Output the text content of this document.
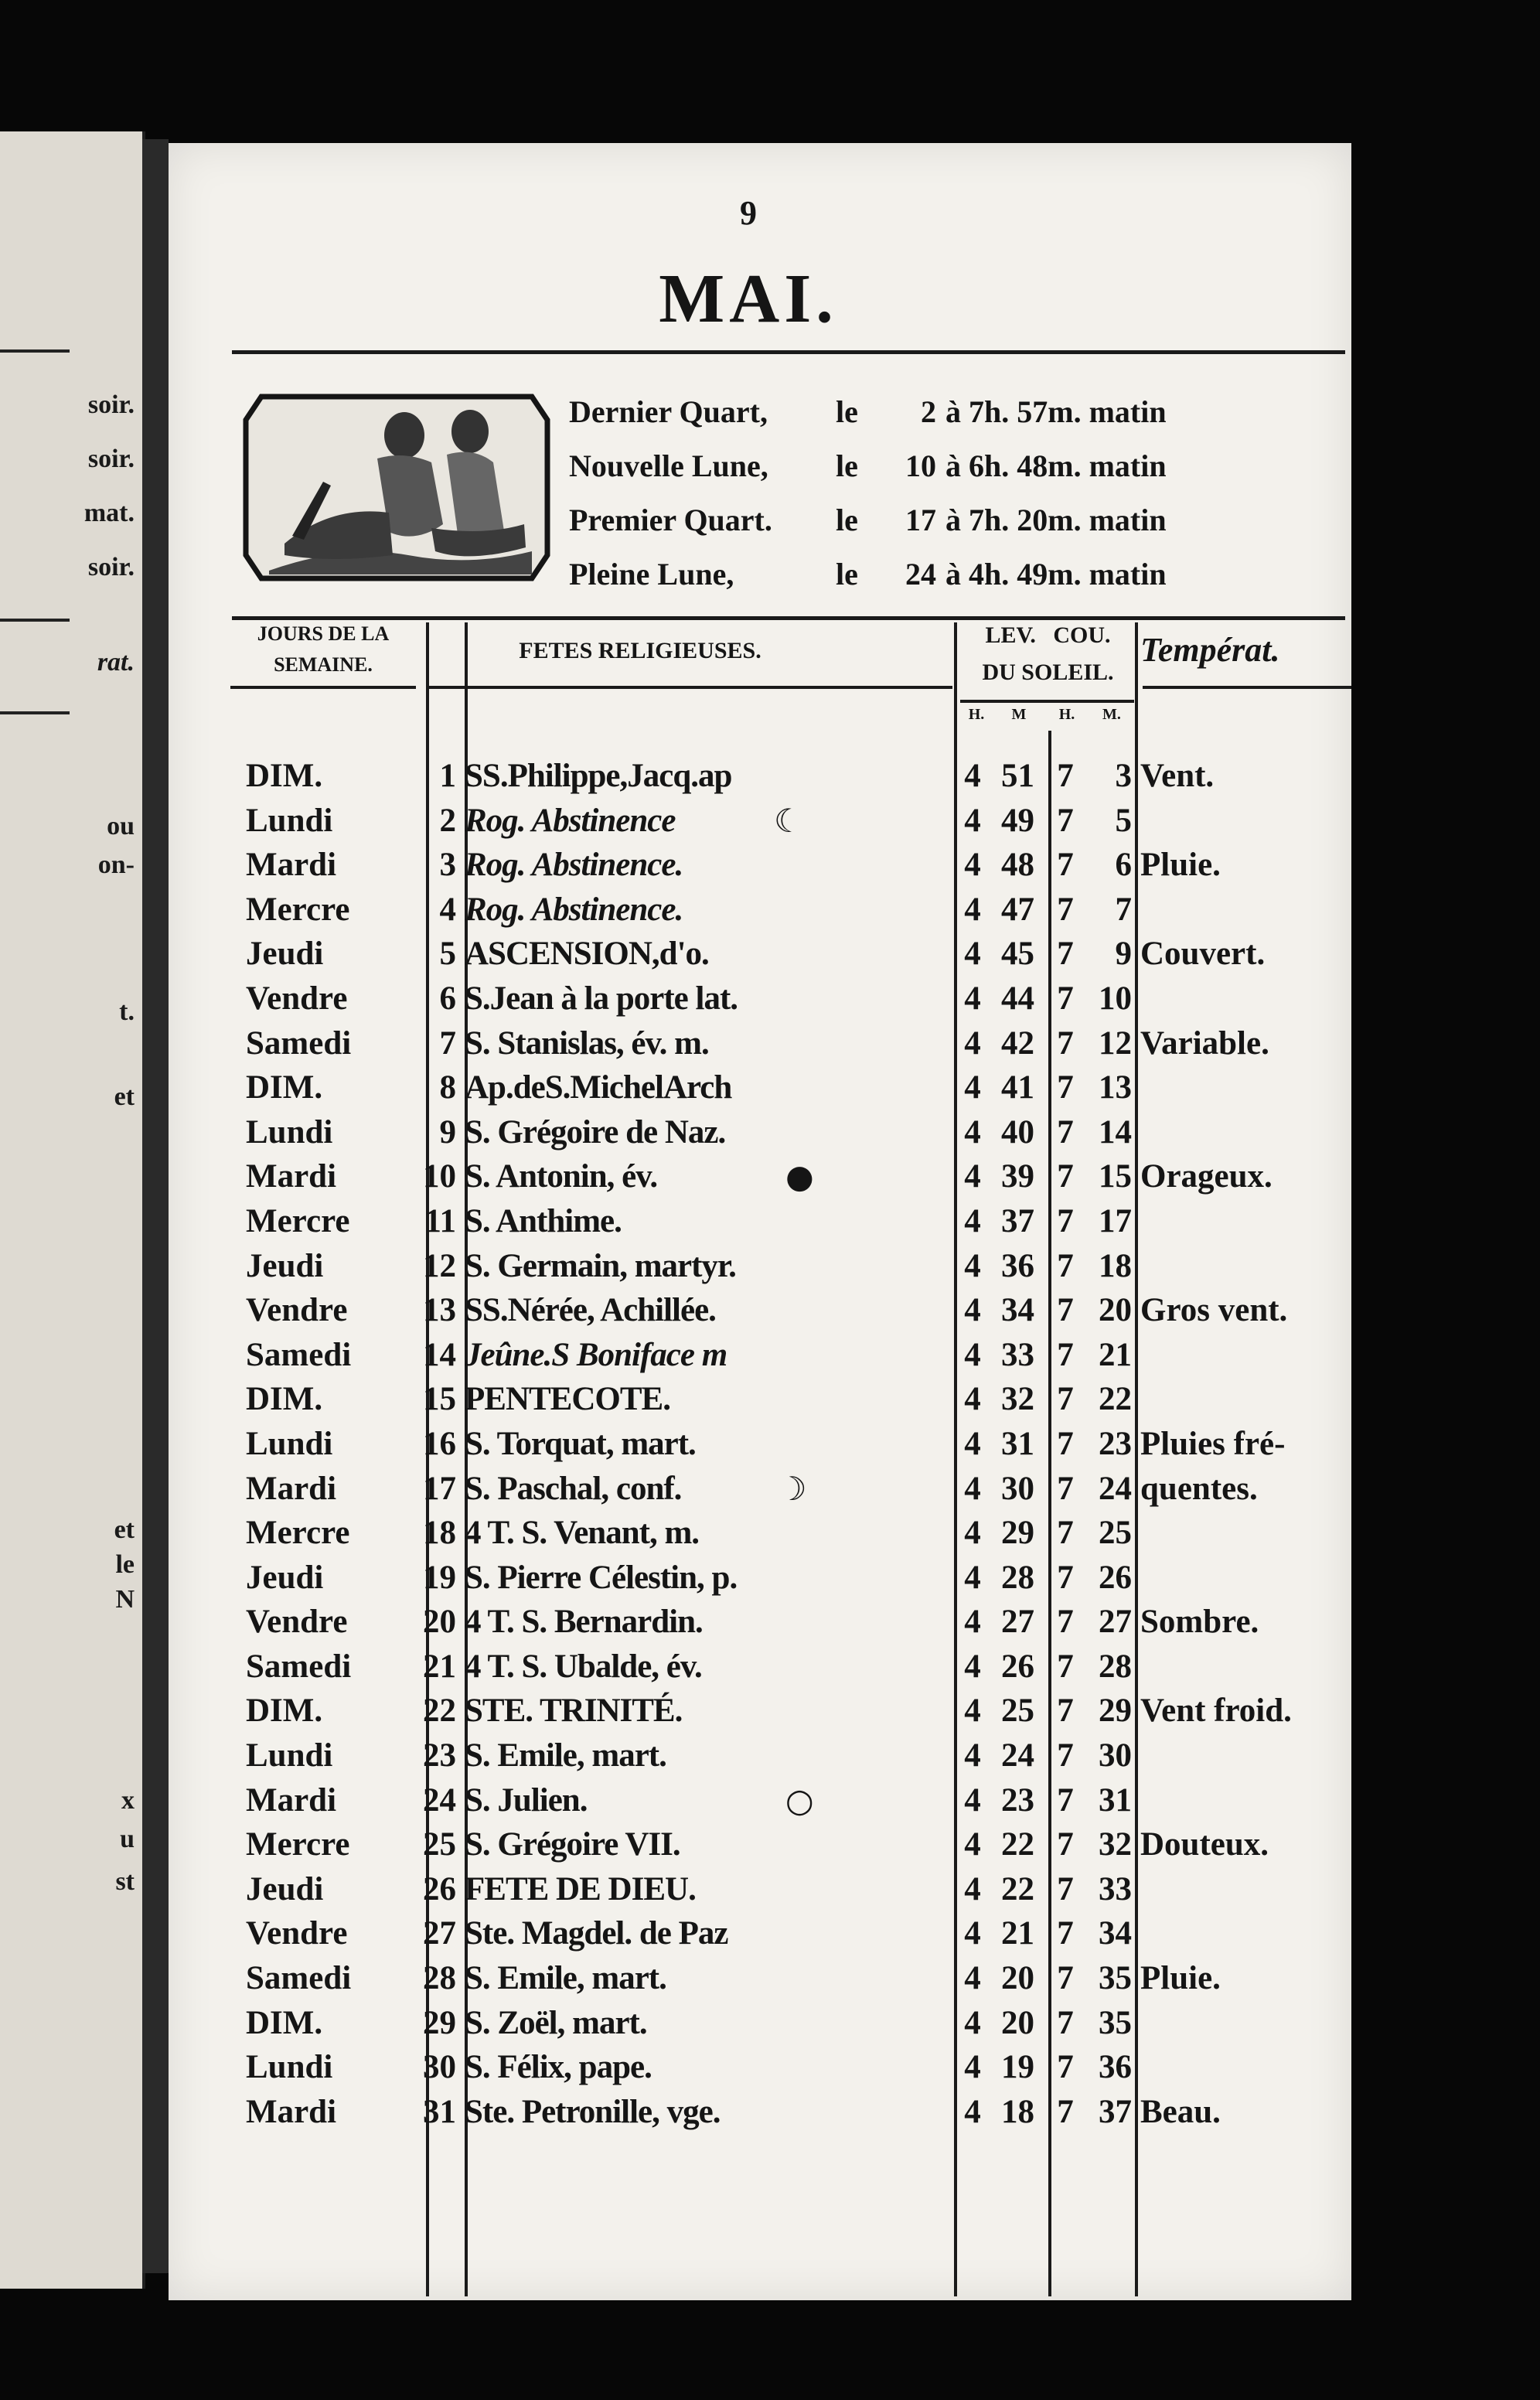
soir.
soir.
mat.
soir.
rat.
ou
on-
t.
et
et
le
N
x
u
st
9
MAI.
Dernier Quart,	le	2 à 7h. 57m. matin
Nouvelle Lune,	le	10 à 6h. 48m. matin
Premier Quart.	le	17 à 7h. 20m. matin
Pleine Lune,	le	24 à 4h. 49m. matin
JOURS DE LA
SEMAINE.
FETES RELIGIEUSES.
LEV.   COU.
DU SOLEIL.
Températ.
H.	M	H.	M.
DIM.	1 SS.Philippe,Jacq.ap	4 51 7	3 Vent.
Lundi	2 Rog. Abstinence	4 49 7	5
☾
Mardi	3 Rog. Abstinence.	4 48 7	6 Pluie.
Mercre	4 Rog. Abstinence.	4 47 7	7
Jeudi	5 ASCENSION,d'o.	4 45 7	9 Couvert.
Vendre	6 S.Jean à la porte lat.	4 44 7 10
Samedi	7 S. Stanislas, év. m.	4 42 7 12 Variable.
DIM.	8 Ap.deS.MichelArch	4 41 7 13
Lundi	9 S. Grégoire de Naz.	4 40 7 14
Mardi	10 S. Antonin, év.	4 39 7 15 Orageux.
●
Mercre	11 S. Anthime.	4 37 7 17
Jeudi	12 S. Germain, martyr.	4 36 7 18
Vendre	13 SS.Nérée, Achillée.	4 34 7 20 Gros vent.
Samedi	14 Jeûne.S Boniface m	4 33 7 21
DIM.	15 PENTECOTE.	4 32 7 22
Lundi	16 S. Torquat, mart.	4 31 7 23 Pluies fré-
Mardi	17 S. Paschal, conf.	4 30 7 24 quentes.
☽
Mercre	18 4 T. S. Venant, m.	4 29 7 25
Jeudi	19 S. Pierre Célestin, p.	4 28 7 26
Vendre	20 4 T. S. Bernardin.	4 27 7 27 Sombre.
Samedi	21 4 T. S. Ubalde, év.	4 26 7 28
DIM.	22 STE. TRINITÉ.	4 25 7 29 Vent froid.
Lundi	23 S. Emile, mart.	4 24 7 30
Mardi	24 S. Julien.	4 23 7 31
○
Mercre	25 S. Grégoire VII.	4 22 7 32 Douteux.
Jeudi	26 FETE DE DIEU.	4 22 7 33
Vendre	27 Ste. Magdel. de Paz	4 21 7 34
Samedi	28 S. Emile, mart.	4 20 7 35 Pluie.
DIM.	29 S. Zoël, mart.	4 20 7 35
Lundi	30 S. Félix, pape.	4 19 7 36
Mardi	31 Ste. Petronille, vge.	4 18 7 37 Beau.
